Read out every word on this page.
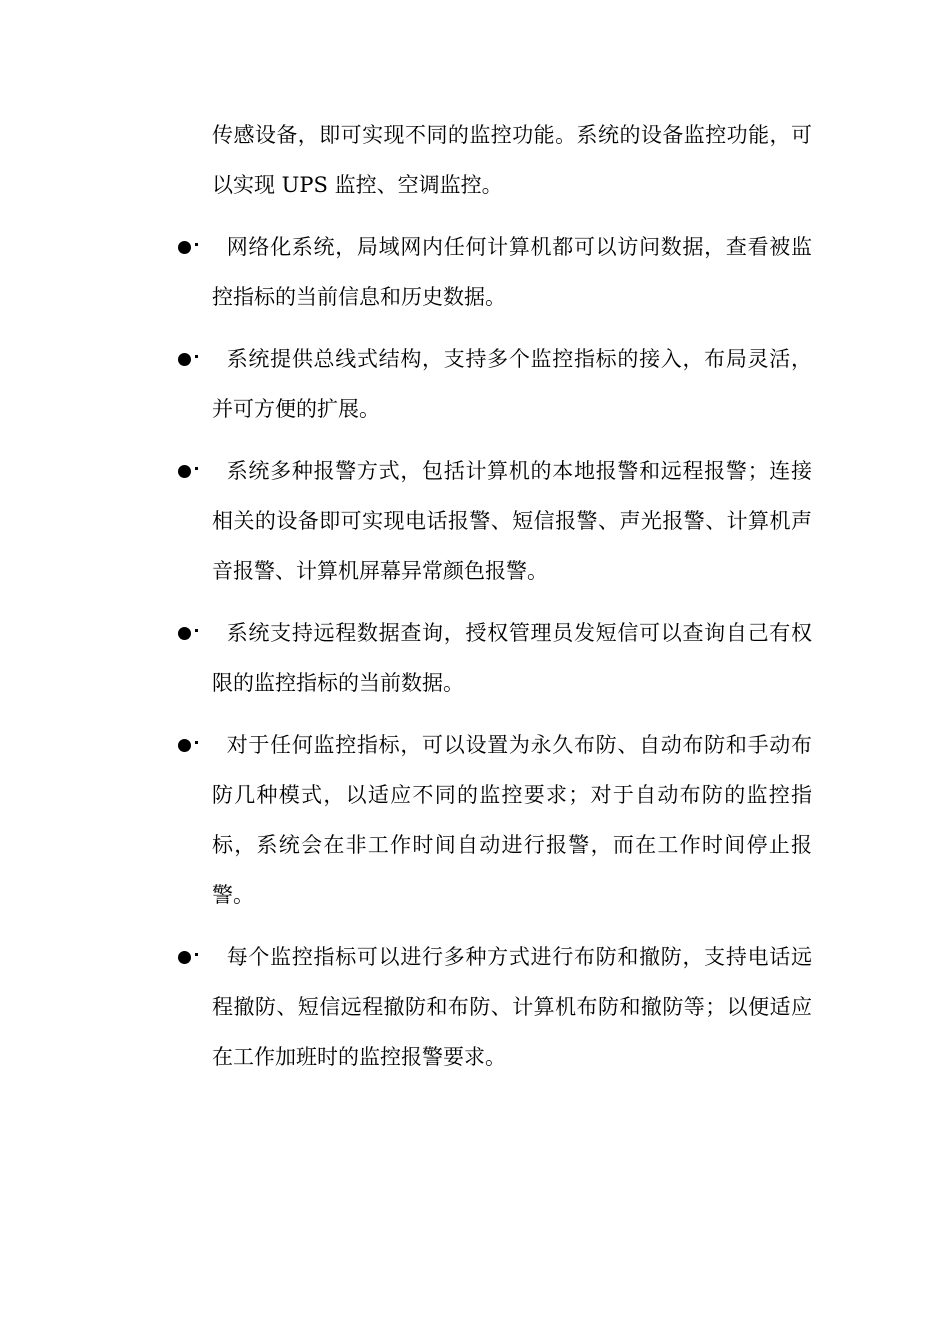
传感设备，即可实现不同的监控功能。系统的设备监控功能，可以实现 UPS 监控、空调监控。

网络化系统，局域网内任何计算机都可以访问数据，查看被监控指标的当前信息和历史数据。

系统提供总线式结构，支持多个监控指标的接入，布局灵活，并可方便的扩展。

系统多种报警方式，包括计算机的本地报警和远程报警；连接相关的设备即可实现电话报警、短信报警、声光报警、计算机声音报警、计算机屏幕异常颜色报警。

系统支持远程数据查询，授权管理员发短信可以查询自己有权限的监控指标的当前数据。

对于任何监控指标，可以设置为永久布防、自动布防和手动布防几种模式，以适应不同的监控要求；对于自动布防的监控指标，系统会在非工作时间自动进行报警，而在工作时间停止报警。

每个监控指标可以进行多种方式进行布防和撤防，支持电话远程撤防、短信远程撤防和布防、计算机布防和撤防等；以便适应在工作加班时的监控报警要求。
